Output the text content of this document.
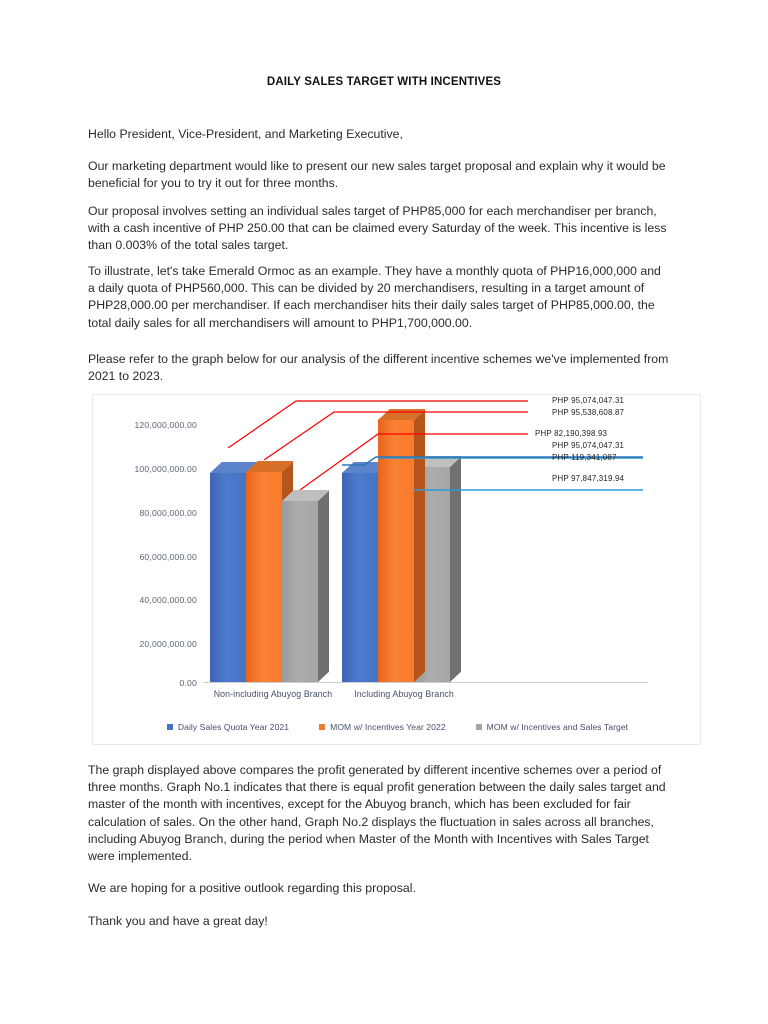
DAILY SALES TARGET WITH INCENTIVES
Hello President, Vice-President, and Marketing Executive,
Our marketing department would like to present our new sales target proposal and explain why it would be beneficial for you to try it out for three months.
Our proposal involves setting an individual sales target of PHP85,000 for each merchandiser per branch, with a cash incentive of PHP 250.00 that can be claimed every Saturday of the week. This incentive is less than 0.003% of the total sales target.
To illustrate, let's take Emerald Ormoc as an example. They have a monthly quota of PHP16,000,000 and a daily quota of PHP560,000. This can be divided by 20 merchandisers, resulting in a target amount of PHP28,000.00 per merchandiser. If each merchandiser hits their daily sales target of PHP85,000.00, the total daily sales for all merchandisers will amount to PHP1,700,000.00.
Please refer to the graph below for our analysis of the different incentive schemes we've implemented from 2021 to 2023.
120,000,000.00
100,000,000.00
80,000,000.00
60,000,000.00
40,000,000.00
20,000,000.00
0.00
PHP 95,074,047.31
PHP 95,538,608.87
PHP 82,190,398.93
PHP 95,074,047.31
PHP 119,341,087
PHP 97,847,319.94
Non-including Abuyog Branch	Including Abuyog Branch
Daily Sales Quota Year 2021	MOM w/ Incentives Year 2022	MOM w/ Incentives and Sales Target
The graph displayed above compares the profit generated by different incentive schemes over a period of three months. Graph No.1 indicates that there is equal profit generation between the daily sales target and master of the month with incentives, except for the Abuyog branch, which has been excluded for fair calculation of sales. On the other hand, Graph No.2 displays the fluctuation in sales across all branches, including Abuyog Branch, during the period when Master of the Month with Incentives with Sales Target were implemented.
We are hoping for a positive outlook regarding this proposal.
Thank you and have a great day!
